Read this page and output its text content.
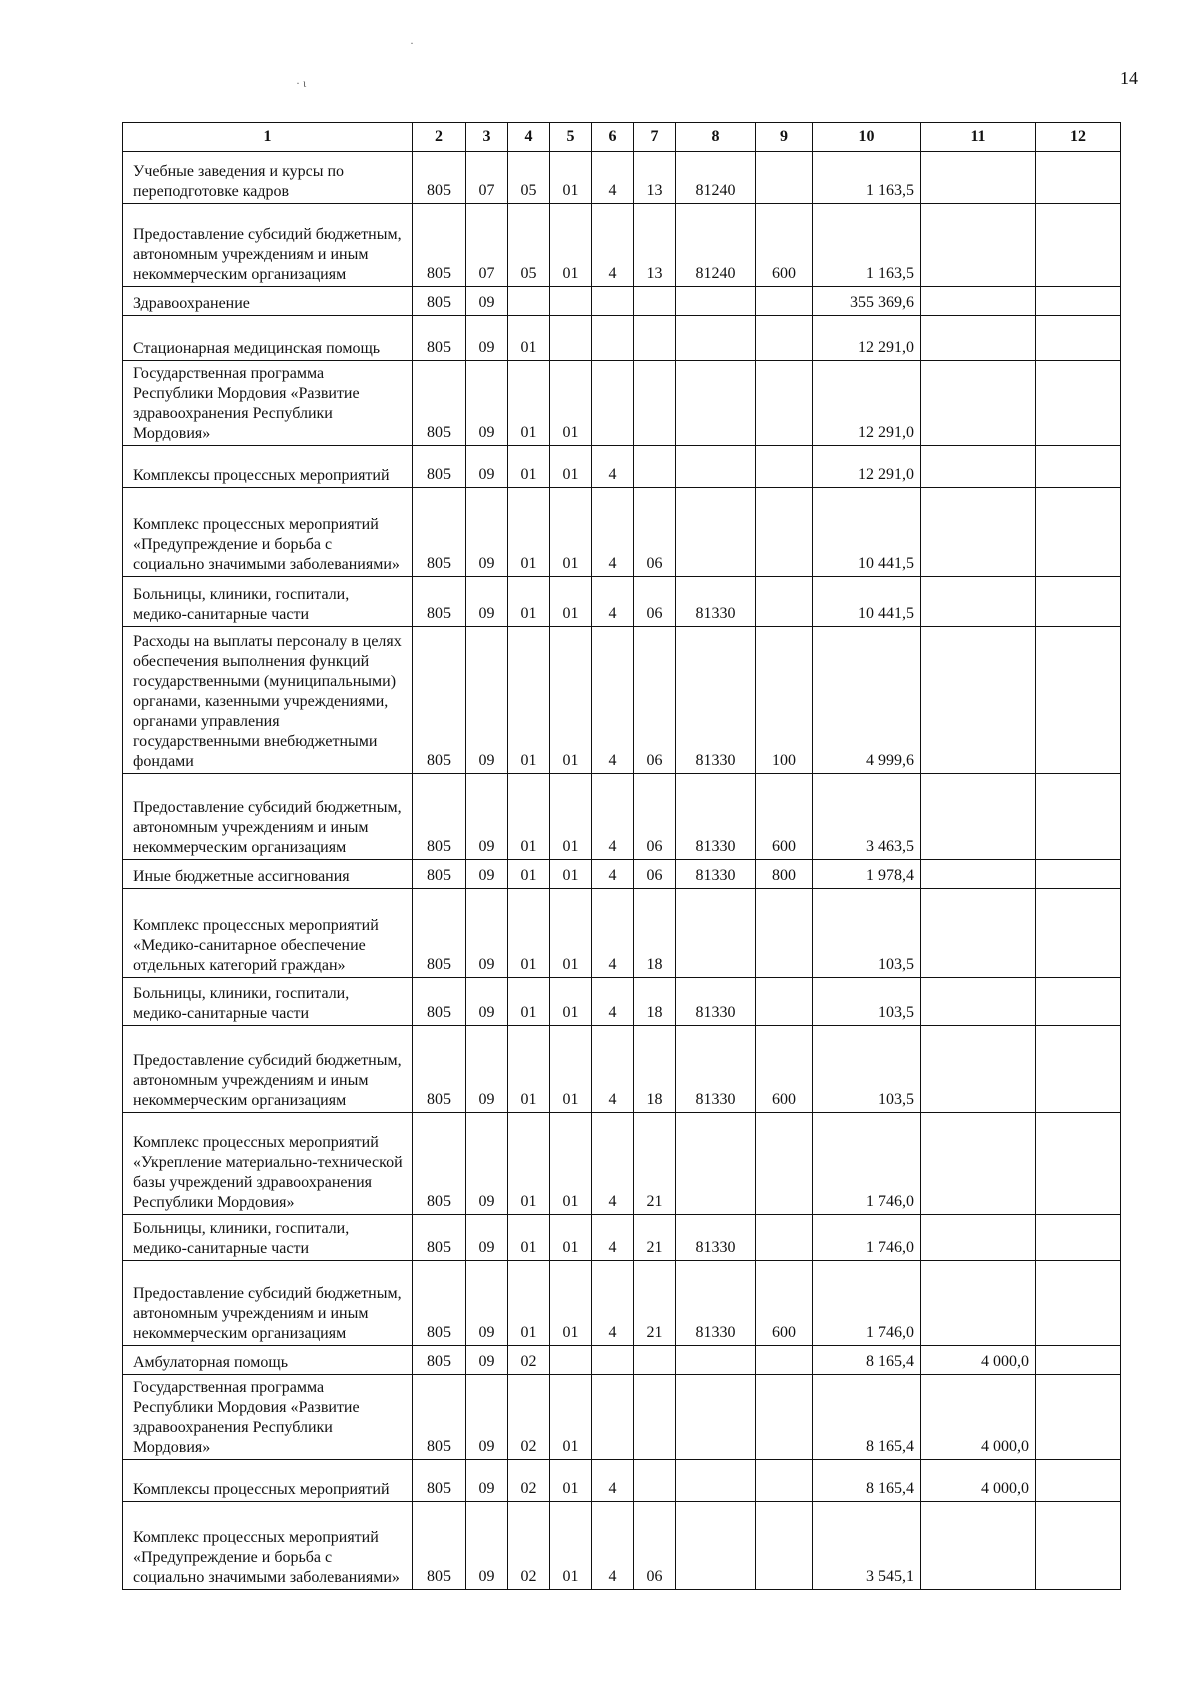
14
· ι
·
1	2	3	4	5	6	7	8	9	10	11	12
Учебные заведения и курсы по переподготовке кадров	805	07	05	01	4	13	81240		1 163,5		
Предоставление субсидий бюджетным, автономным учреждениям и иным некоммерческим организациям	805	07	05	01	4	13	81240	600	1 163,5		
Здравоохранение	805	09							355 369,6		
Стационарная медицинская помощь	805	09	01						12 291,0		
Государственная программа Республики Мордовия «Развитие здравоохранения Республики Мордовия»	805	09	01	01					12 291,0		
Комплексы процессных мероприятий	805	09	01	01	4				12 291,0		
Комплекс процессных мероприятий «Предупреждение и борьба с социально значимыми заболеваниями»	805	09	01	01	4	06			10 441,5		
Больницы, клиники, госпитали, медико-санитарные части	805	09	01	01	4	06	81330		10 441,5		
Расходы на выплаты персоналу в целях обеспечения выполнения функций государственными (муниципальными) органами, казенными учреждениями, органами управления государственными внебюджетными фондами	805	09	01	01	4	06	81330	100	4 999,6		
Предоставление субсидий бюджетным, автономным учреждениям и иным некоммерческим организациям	805	09	01	01	4	06	81330	600	3 463,5		
Иные бюджетные ассигнования	805	09	01	01	4	06	81330	800	1 978,4		
Комплекс процессных мероприятий «Медико-санитарное обеспечение отдельных категорий граждан»	805	09	01	01	4	18			103,5		
Больницы, клиники, госпитали, медико-санитарные части	805	09	01	01	4	18	81330		103,5		
Предоставление субсидий бюджетным, автономным учреждениям и иным некоммерческим организациям	805	09	01	01	4	18	81330	600	103,5		
Комплекс процессных мероприятий «Укрепление материально-технической базы учреждений здравоохранения Республики Мордовия»	805	09	01	01	4	21			1 746,0		
Больницы, клиники, госпитали, медико-санитарные части	805	09	01	01	4	21	81330		1 746,0		
Предоставление субсидий бюджетным, автономным учреждениям и иным некоммерческим организациям	805	09	01	01	4	21	81330	600	1 746,0		
Амбулаторная помощь	805	09	02						8 165,4	4 000,0	
Государственная программа Республики Мордовия «Развитие здравоохранения Республики Мордовия»	805	09	02	01					8 165,4	4 000,0	
Комплексы процессных мероприятий	805	09	02	01	4				8 165,4	4 000,0	
Комплекс процессных мероприятий «Предупреждение и борьба с социально значимыми заболеваниями»	805	09	02	01	4	06			3 545,1		
